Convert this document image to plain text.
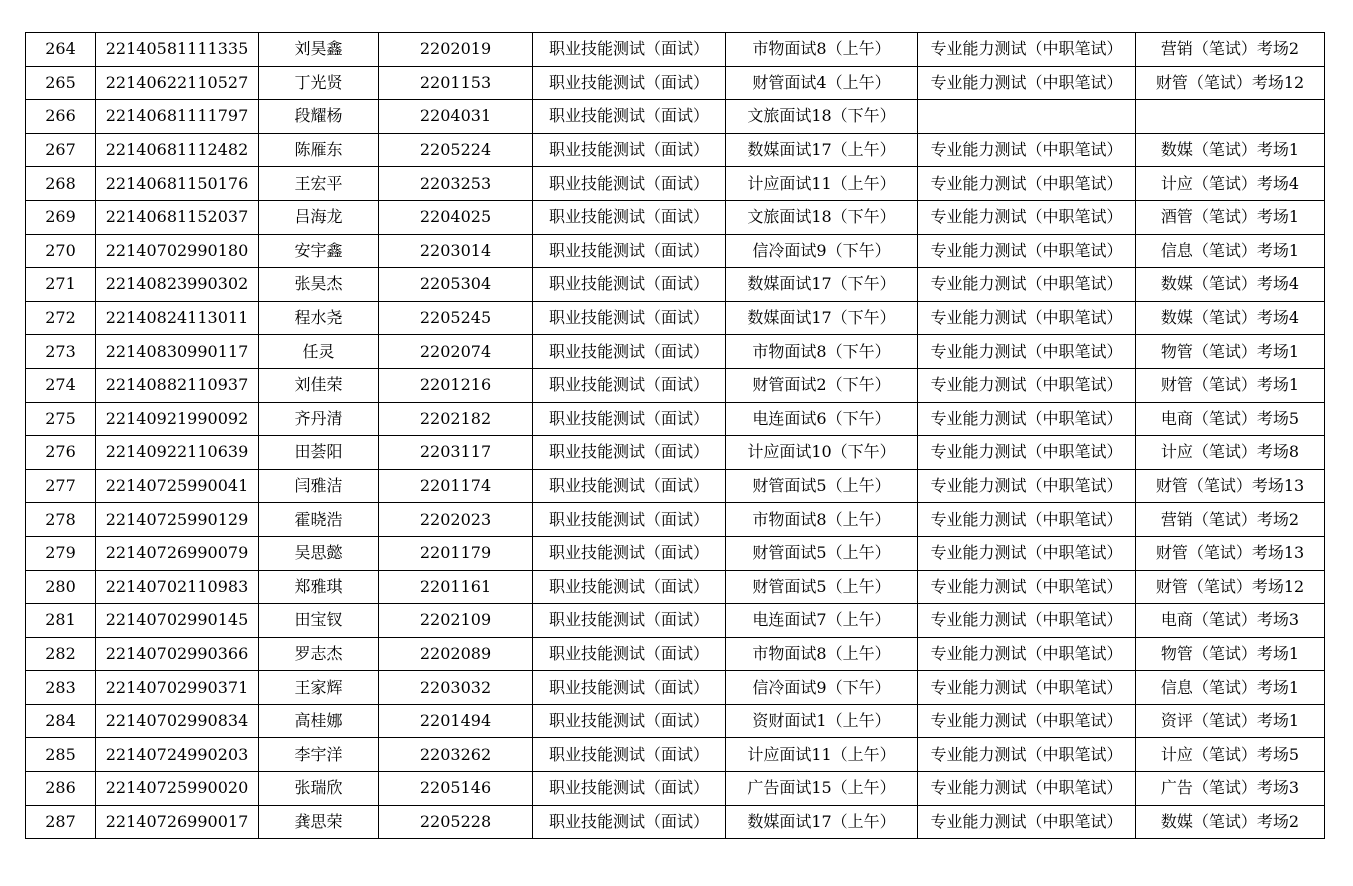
264	22140581111335	刘昊鑫	2202019	职业技能测试（面试）	市物面试8（上午）	专业能力测试（中职笔试）	营销（笔试）考场2
265	22140622110527	丁光贤	2201153	职业技能测试（面试）	财管面试4（上午）	专业能力测试（中职笔试）	财管（笔试）考场12
266	22140681111797	段耀杨	2204031	职业技能测试（面试）	文旅面试18（下午）		
267	22140681112482	陈雁东	2205224	职业技能测试（面试）	数媒面试17（上午）	专业能力测试（中职笔试）	数媒（笔试）考场1
268	22140681150176	王宏平	2203253	职业技能测试（面试）	计应面试11（上午）	专业能力测试（中职笔试）	计应（笔试）考场4
269	22140681152037	吕海龙	2204025	职业技能测试（面试）	文旅面试18（下午）	专业能力测试（中职笔试）	酒管（笔试）考场1
270	22140702990180	安宇鑫	2203014	职业技能测试（面试）	信冷面试9（下午）	专业能力测试（中职笔试）	信息（笔试）考场1
271	22140823990302	张昊杰	2205304	职业技能测试（面试）	数媒面试17（下午）	专业能力测试（中职笔试）	数媒（笔试）考场4
272	22140824113011	程水尧	2205245	职业技能测试（面试）	数媒面试17（下午）	专业能力测试（中职笔试）	数媒（笔试）考场4
273	22140830990117	任灵	2202074	职业技能测试（面试）	市物面试8（下午）	专业能力测试（中职笔试）	物管（笔试）考场1
274	22140882110937	刘佳荣	2201216	职业技能测试（面试）	财管面试2（下午）	专业能力测试（中职笔试）	财管（笔试）考场1
275	22140921990092	齐丹清	2202182	职业技能测试（面试）	电连面试6（下午）	专业能力测试（中职笔试）	电商（笔试）考场5
276	22140922110639	田荟阳	2203117	职业技能测试（面试）	计应面试10（下午）	专业能力测试（中职笔试）	计应（笔试）考场8
277	22140725990041	闫雅洁	2201174	职业技能测试（面试）	财管面试5（上午）	专业能力测试（中职笔试）	财管（笔试）考场13
278	22140725990129	霍晓浩	2202023	职业技能测试（面试）	市物面试8（上午）	专业能力测试（中职笔试）	营销（笔试）考场2
279	22140726990079	吴思懿	2201179	职业技能测试（面试）	财管面试5（上午）	专业能力测试（中职笔试）	财管（笔试）考场13
280	22140702110983	郑雅琪	2201161	职业技能测试（面试）	财管面试5（上午）	专业能力测试（中职笔试）	财管（笔试）考场12
281	22140702990145	田宝钗	2202109	职业技能测试（面试）	电连面试7（上午）	专业能力测试（中职笔试）	电商（笔试）考场3
282	22140702990366	罗志杰	2202089	职业技能测试（面试）	市物面试8（上午）	专业能力测试（中职笔试）	物管（笔试）考场1
283	22140702990371	王家辉	2203032	职业技能测试（面试）	信冷面试9（下午）	专业能力测试（中职笔试）	信息（笔试）考场1
284	22140702990834	高桂娜	2201494	职业技能测试（面试）	资财面试1（上午）	专业能力测试（中职笔试）	资评（笔试）考场1
285	22140724990203	李宇洋	2203262	职业技能测试（面试）	计应面试11（上午）	专业能力测试（中职笔试）	计应（笔试）考场5
286	22140725990020	张瑞欣	2205146	职业技能测试（面试）	广告面试15（上午）	专业能力测试（中职笔试）	广告（笔试）考场3
287	22140726990017	龚思荣	2205228	职业技能测试（面试）	数媒面试17（上午）	专业能力测试（中职笔试）	数媒（笔试）考场2
